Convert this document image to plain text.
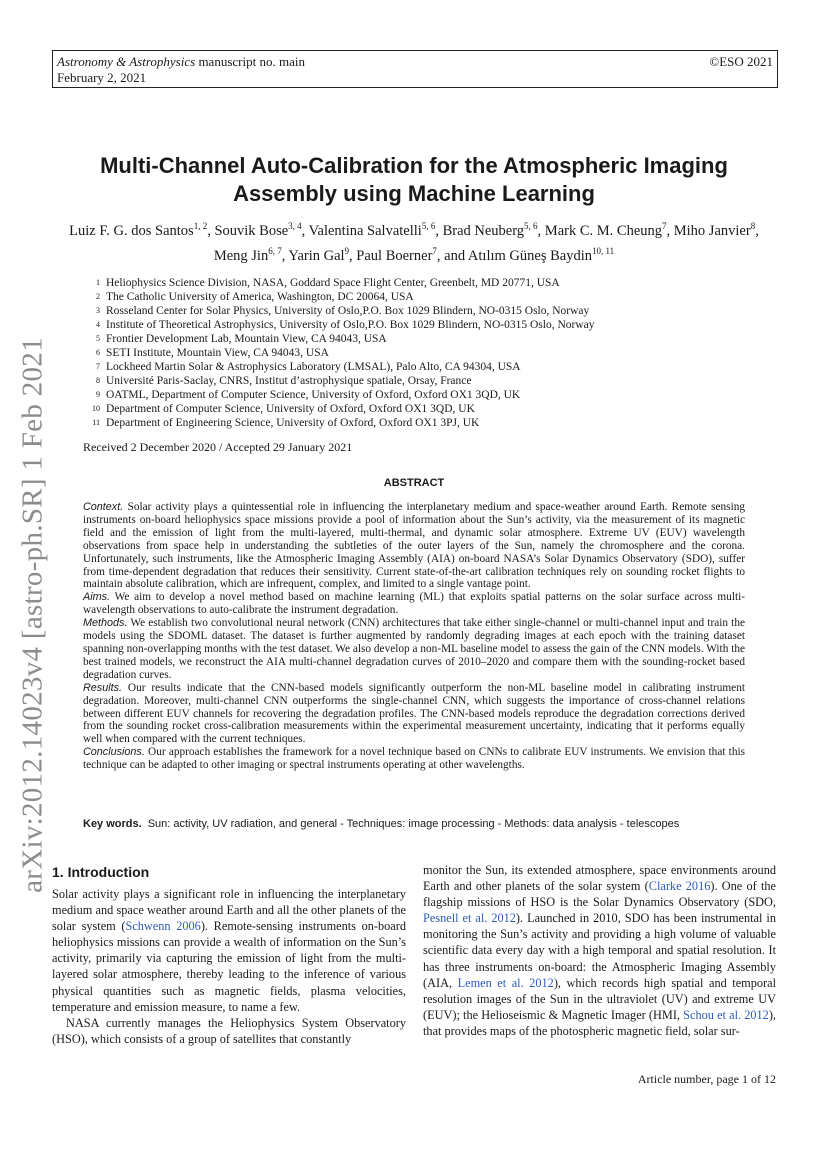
Astronomy & Astrophysics manuscript no. main
February 2, 2021
©ESO 2021
arXiv:2012.14023v4 [astro-ph.SR] 1 Feb 2021
Multi-Channel Auto-Calibration for the Atmospheric Imaging Assembly using Machine Learning
Luiz F. G. dos Santos$^{1, 2}$, Souvik Bose$^{3, 4}$, Valentina Salvatelli$^{5, 6}$, Brad Neuberg$^{5, 6}$, Mark C. M. Cheung$^7$, Miho Janvier$^8$, Meng Jin$^{6, 7}$, Yarin Gal$^9$, Paul Boerner$^7$, and Atılım Güneş Baydin$^{10, 11}$
1 Heliophysics Science Division, NASA, Goddard Space Flight Center, Greenbelt, MD 20771, USA
2 The Catholic University of America, Washington, DC 20064, USA
3 Rosseland Center for Solar Physics, University of Oslo,P.O. Box 1029 Blindern, NO-0315 Oslo, Norway
4 Institute of Theoretical Astrophysics, University of Oslo,P.O. Box 1029 Blindern, NO-0315 Oslo, Norway
5 Frontier Development Lab, Mountain View, CA 94043, USA
6 SETI Institute, Mountain View, CA 94043, USA
7 Lockheed Martin Solar & Astrophysics Laboratory (LMSAL), Palo Alto, CA 94304, USA
8 Université Paris-Saclay, CNRS, Institut d’astrophysique spatiale, Orsay, France
9 OATML, Department of Computer Science, University of Oxford, Oxford OX1 3QD, UK
10 Department of Computer Science, University of Oxford, Oxford OX1 3QD, UK
11 Department of Engineering Science, University of Oxford, Oxford OX1 3PJ, UK
Received 2 December 2020 / Accepted 29 January 2021
ABSTRACT

Context. Solar activity plays a quintessential role in influencing the interplanetary medium and space-weather around Earth. Remote sensing instruments on-board heliophysics space missions provide a pool of information about the Sun’s activity, via the measurement of its magnetic field and the emission of light from the multi-layered, multi-thermal, and dynamic solar atmosphere. Extreme UV (EUV) wavelength observations from space help in understanding the subtleties of the outer layers of the Sun, namely the chromosphere and the corona. Unfortunately, such instruments, like the Atmospheric Imaging Assembly (AIA) on-board NASA’s Solar Dynamics Observatory (SDO), suffer from time-dependent degradation that reduces their sensitivity. Current state-of-the-art calibration techniques rely on sounding rocket flights to maintain absolute calibration, which are infrequent, complex, and limited to a single vantage point.

Aims. We aim to develop a novel method based on machine learning (ML) that exploits spatial patterns on the solar surface across multi-wavelength observations to auto-calibrate the instrument degradation.

Methods. We establish two convolutional neural network (CNN) architectures that take either single-channel or multi-channel input and train the models using the SDOML dataset. The dataset is further augmented by randomly degrading images at each epoch with the training dataset spanning non-overlapping months with the test dataset. We also develop a non-ML baseline model to assess the gain of the CNN models. With the best trained models, we reconstruct the AIA multi-channel degradation curves of 2010–2020 and compare them with the sounding-rocket based degradation curves.

Results. Our results indicate that the CNN-based models significantly outperform the non-ML baseline model in calibrating instrument degradation. Moreover, multi-channel CNN outperforms the single-channel CNN, which suggests the importance of cross-channel relations between different EUV channels for recovering the degradation profiles. The CNN-based models reproduce the degradation corrections derived from the sounding rocket cross-calibration measurements within the experimental measurement uncertainty, indicating that it performs equally well when compared with the current techniques.

Conclusions. Our approach establishes the framework for a novel technique based on CNNs to calibrate EUV instruments. We envision that this technique can be adapted to other imaging or spectral instruments operating at other wavelengths.

Key words. Sun: activity, UV radiation, and general - Techniques: image processing - Methods: data analysis - telescopes
1. Introduction

Solar activity plays a significant role in influencing the interplanetary medium and space weather around Earth and all the other planets of the solar system (Schwenn 2006). Remote-sensing instruments on-board heliophysics missions can provide a wealth of information on the Sun’s activity, primarily via capturing the emission of light from the multi-layered solar atmosphere, thereby leading to the inference of various physical quantities such as magnetic fields, plasma velocities, temperature and emission measure, to name a few.

NASA currently manages the Heliophysics System Observatory (HSO), which consists of a group of satellites that constantly

monitor the Sun, its extended atmosphere, space environments around Earth and other planets of the solar system (Clarke 2016). One of the flagship missions of HSO is the Solar Dynamics Observatory (SDO, Pesnell et al. 2012). Launched in 2010, SDO has been instrumental in monitoring the Sun’s activity and providing a high volume of valuable scientific data every day with a high temporal and spatial resolution. It has three instruments on-board: the Atmospheric Imaging Assembly (AIA, Lemen et al. 2012), which records high spatial and temporal resolution images of the Sun in the ultraviolet (UV) and extreme UV (EUV); the Helioseismic & Magnetic Imager (HMI, Schou et al. 2012), that provides maps of the photospheric magnetic field, solar sur-

Article number, page 1 of 12
